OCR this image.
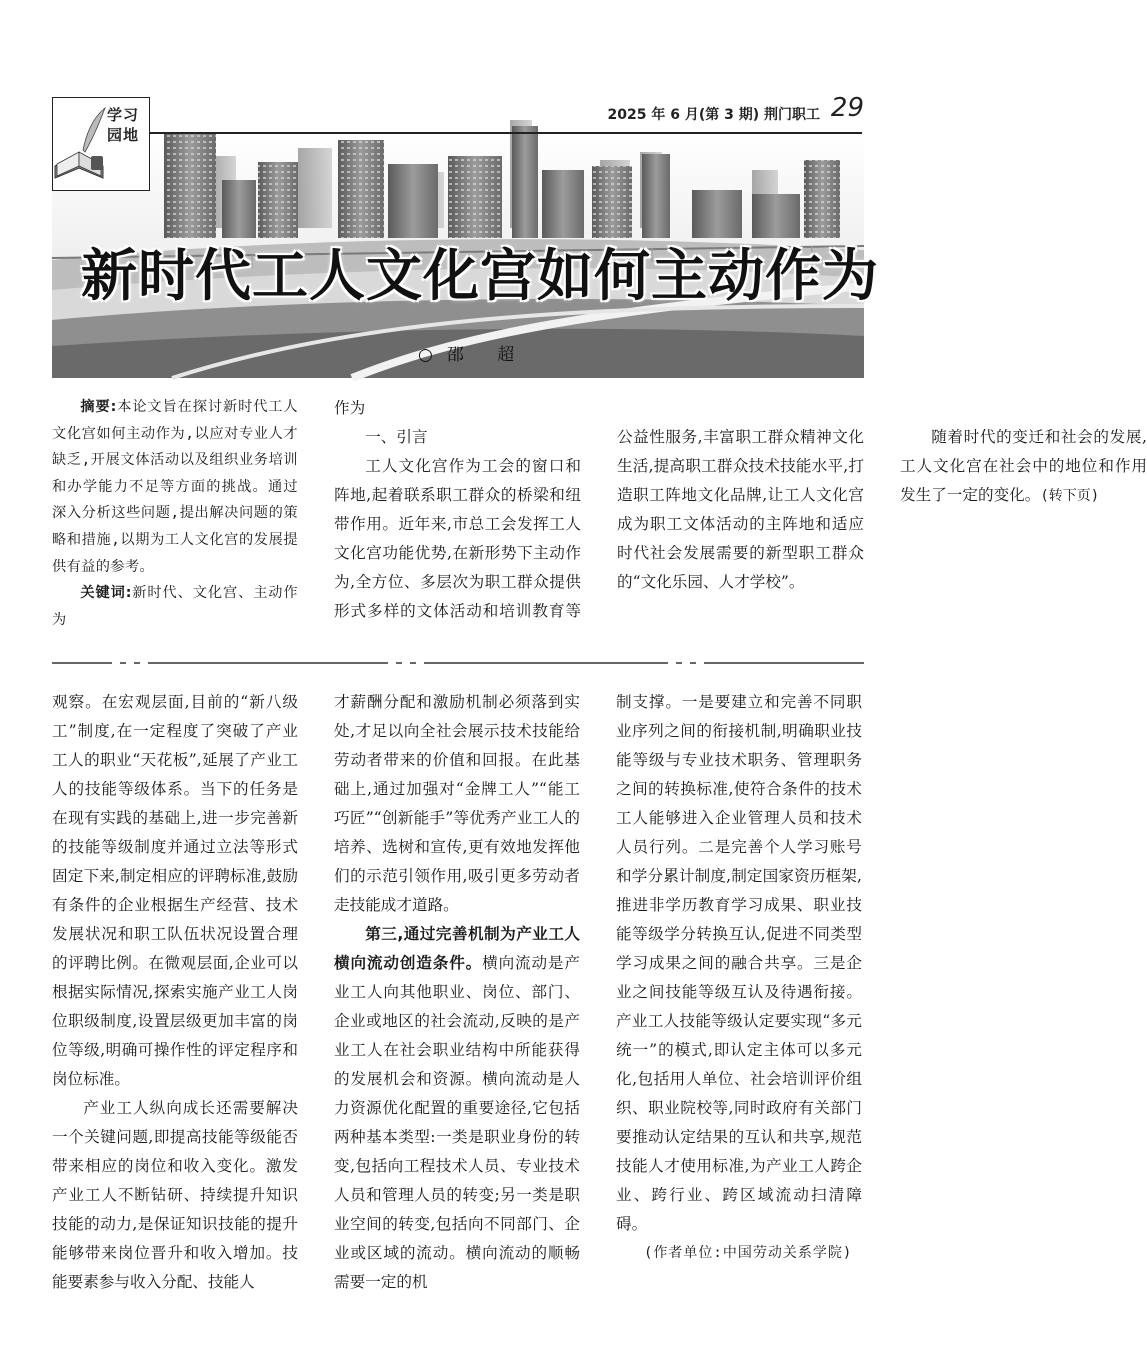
学习
园地
2025 年 6 月(第 3 期) 荆门职工 29
新时代工人文化宫如何主动作为
○邵 超

摘要:本论文旨在探讨新时代工人文化宫如何主动作为,以应对专业人才缺乏,开展文体活动以及组织业务培训和办学能力不足等方面的挑战。通过深入分析这些问题,提出解决问题的策略和措施,以期为工人文化宫的发展提供有益的参考。

关键词:新时代、文化宫、主动作为

作为

一、引言

工人文化宫作为工会的窗口和阵地,起着联系职工群众的桥梁和纽带作用。近年来,市总工会发挥工人文化宫功能优势,在新形势下主动作为,全方位、多层次为职工群众提供形式多样的文体活动和培训教育等公益性服务,丰富职工群众精神文化生活,提高职工群众技术技能水平,打造职工阵地文化品牌,让工人文化宫成为职工文体活动的主阵地和适应时代社会发展需要的新型职工群众的“文化乐园、人才学校”。

随着时代的变迁和社会的发展,工人文化宫在社会中的地位和作用发生了一定的变化。(转下页)

观察。在宏观层面,目前的“新八级工”制度,在一定程度了突破了产业工人的职业“天花板”,延展了产业工人的技能等级体系。当下的任务是在现有实践的基础上,进一步完善新的技能等级制度并通过立法等形式固定下来,制定相应的评聘标准,鼓励有条件的企业根据生产经营、技术发展状况和职工队伍状况设置合理的评聘比例。在微观层面,企业可以根据实际情况,探索实施产业工人岗位职级制度,设置层级更加丰富的岗位等级,明确可操作性的评定程序和岗位标准。

产业工人纵向成长还需要解决一个关键问题,即提高技能等级能否带来相应的岗位和收入变化。激发产业工人不断钻研、持续提升知识技能的动力,是保证知识技能的提升能够带来岗位晋升和收入增加。技能要素参与收入分配、技能人

才薪酬分配和激励机制必须落到实处,才足以向全社会展示技术技能给劳动者带来的价值和回报。在此基础上,通过加强对“金牌工人”“能工巧匠”“创新能手”等优秀产业工人的培养、选树和宣传,更有效地发挥他们的示范引领作用,吸引更多劳动者走技能成才道路。

第三,通过完善机制为产业工人横向流动创造条件。横向流动是产业工人向其他职业、岗位、部门、企业或地区的社会流动,反映的是产业工人在社会职业结构中所能获得的发展机会和资源。横向流动是人力资源优化配置的重要途径,它包括两种基本类型:一类是职业身份的转变,包括向工程技术人员、专业技术人员和管理人员的转变;另一类是职业空间的转变,包括向不同部门、企业或区域的流动。横向流动的顺畅需要一定的机

制支撑。一是要建立和完善不同职业序列之间的衔接机制,明确职业技能等级与专业技术职务、管理职务之间的转换标准,使符合条件的技术工人能够进入企业管理人员和技术人员行列。二是完善个人学习账号和学分累计制度,制定国家资历框架,推进非学历教育学习成果、职业技能等级学分转换互认,促进不同类型学习成果之间的融合共享。三是企业之间技能等级互认及待遇衔接。产业工人技能等级认定要实现“多元统一”的模式,即认定主体可以多元化,包括用人单位、社会培训评价组织、职业院校等,同时政府有关部门要推动认定结果的互认和共享,规范技能人才使用标准,为产业工人跨企业、跨行业、跨区域流动扫清障碍。

(作者单位:中国劳动关系学院)
